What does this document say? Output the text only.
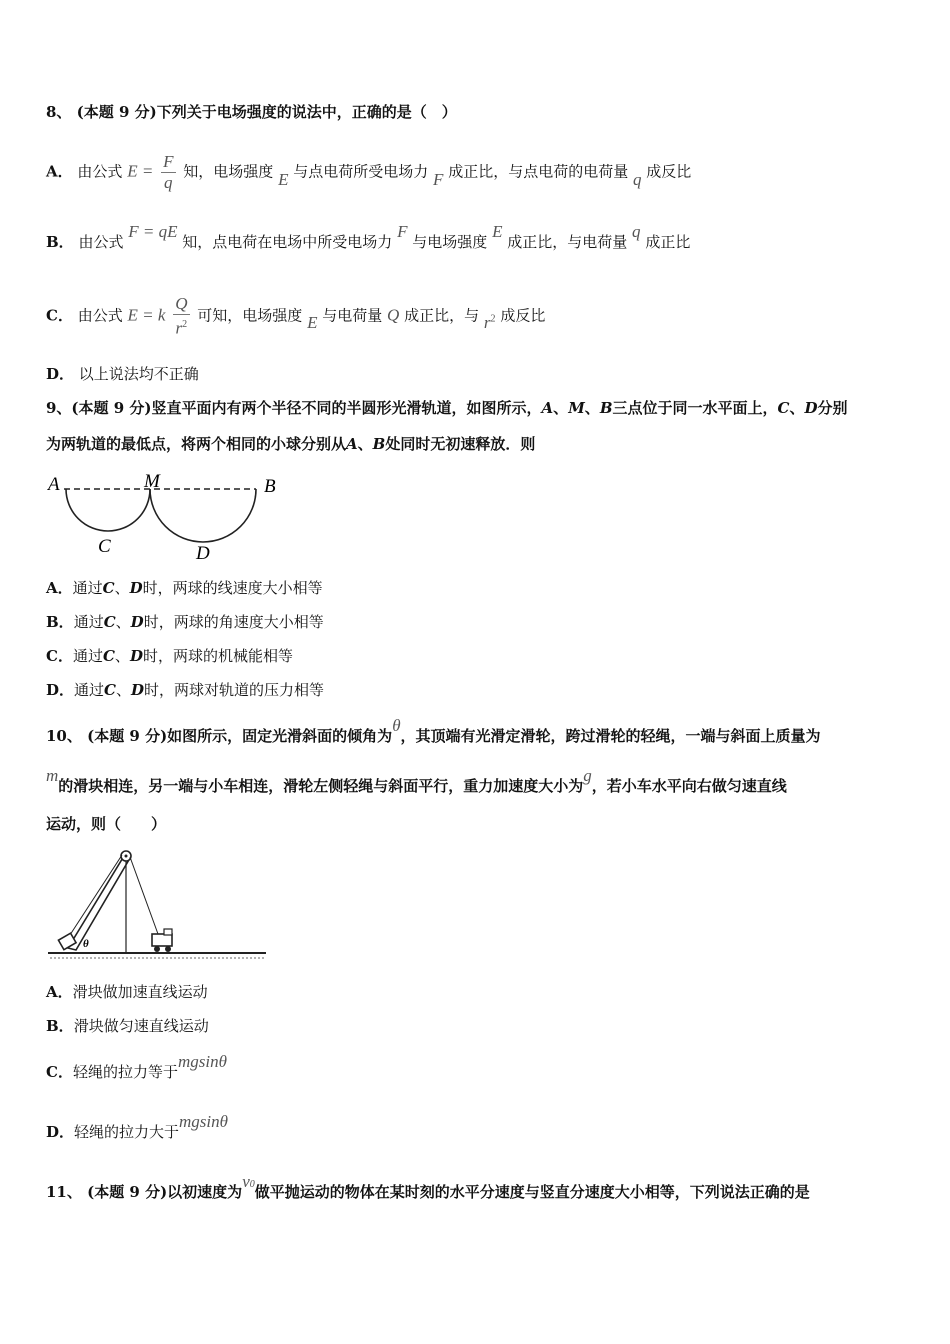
8、 (本题 9 分)下列关于电场强度的说法中，正确的是（　）
A． 由公式 $E = \frac{F}{q}$ 知，电场强度 E 与点电荷所受电场力 F 成正比，与点电荷的电荷量 q 成反比
B． 由公式 F = qE 知，点电荷在电场中所受电场力 F 与电场强度 E 成正比，与电荷量 q 成正比
C． 由公式 E = k $\frac{Q}{r^2}$ 可知，电场强度 E 与电荷量 Q 成正比，与 $r^2$ 成反比
D． 以上说法均不正确
9、(本题 9 分)竖直平面内有两个半径不同的半圆形光滑轨道，如图所示，A、M、B三点位于同一水平面上，C、D分别
为两轨道的最低点，将两个相同的小球分别从A、B处同时无初速释放．则
A	M	B
C	D
A．通过C、D时，两球的线速度大小相等
B．通过C、D时，两球的角速度大小相等
C．通过C、D时，两球的机械能相等
D．通过C、D时，两球对轨道的压力相等
10、 (本题 9 分)如图所示，固定光滑斜面的倾角为θ，其顶端有光滑定滑轮，跨过滑轮的轻绳，一端与斜面上质量为
m的滑块相连，另一端与小车相连，滑轮左侧轻绳与斜面平行，重力加速度大小为g，若小车水平向右做匀速直线
运动，则（　　）
θ
A．滑块做加速直线运动
B．滑块做匀速直线运动
C．轻绳的拉力等于mgsinθ
D．轻绳的拉力大于mgsinθ
11、 (本题 9 分)以初速度为v0做平抛运动的物体在某时刻的水平分速度与竖直分速度大小相等，下列说法正确的是
